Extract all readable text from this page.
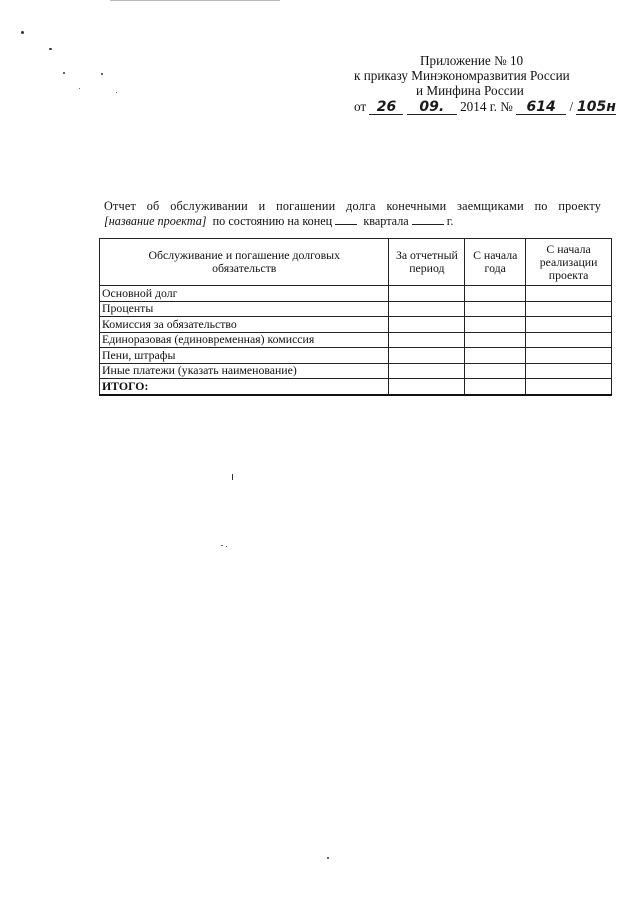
Приложение № 10
к приказу Минэкономразвития России
и Минфина России
от 26 09. 2014 г. № 614 / 105н
Отчет об обслуживании и погашении долга конечными заемщиками по проекту
[название проекта] по состоянию на конец	квартала	г.
Обслуживание и погашение долговых обязательств	За отчетный период	С начала года	С начала реализации проекта
Основной долг			
Проценты			
Комиссия за обязательство			
Единоразовая (единовременная) комиссия			
Пени, штрафы			
Иные платежи (указать наименование)			
ИТОГО:			
